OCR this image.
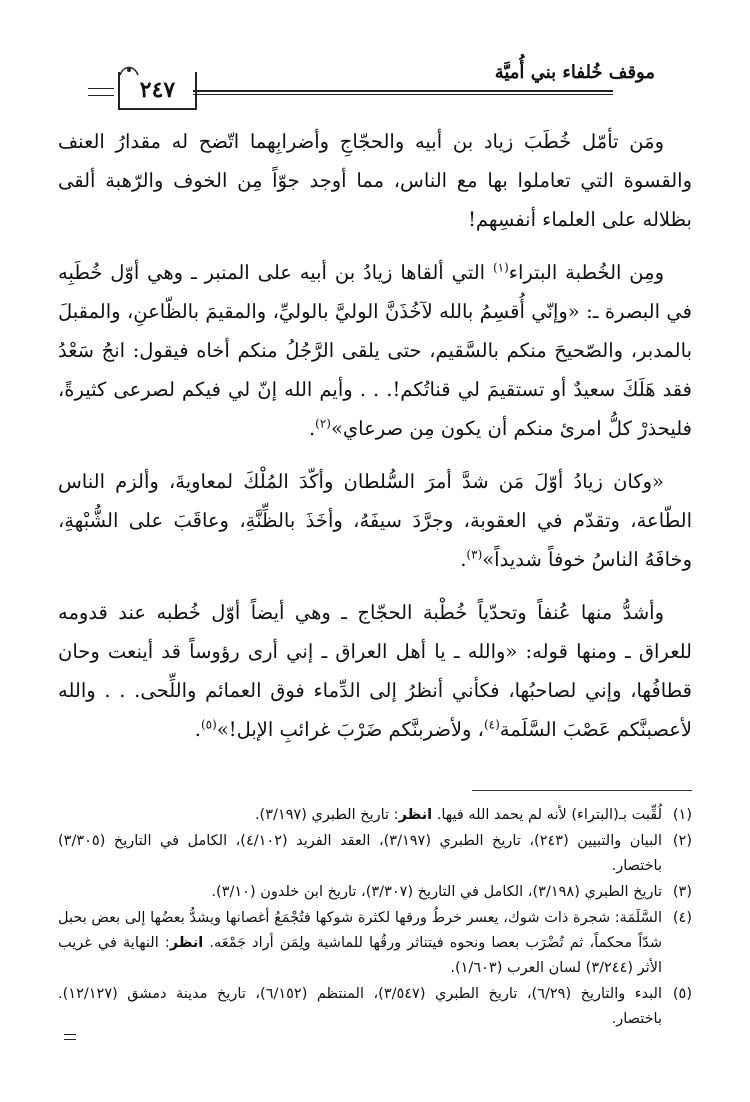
موقف خُلفاء بني أُميَّة
٢٤٧

ومَن تأمّل خُطَبَ زياد بن أبيه والحجّاجِ وأضرابِهما اتّضح له مقدارُ العنف والقسوة التي تعاملوا بها مع الناس، مما أوجد جوّاً مِن الخوف والرّهبة ألقى بظلاله على العلماء أنفسِهم!

ومِن الخُطبة البتراء$^{(١)}$ التي ألقاها زيادُ بن أبيه على المنبر ـ وهي أوّل خُطَبِه في البصرة ـ: «وإنّي أُقسِمُ بالله لآخُذَنَّ الوليَّ بالوليِّ، والمقيمَ بالظّاعنِ، والمقبلَ بالمدبر، والصّحيحَ منكم بالسَّقيم، حتى يلقى الرَّجُلُ منكم أخاه فيقول: انجُ سَعْدُ فقد هَلَكَ سعيدٌ أو تستقيمَ لي قناتُكم!. . . وأيم الله إنّ لي فيكم لصرعى كثيرةً، فليحذرْ كلُّ امرئ منكم أن يكون مِن صرعاي»$^{(٢)}$.

«وكان زيادُ أوّلَ مَن شدَّ أمرَ السُّلطان وأكّدَ المُلْكَ لمعاويةَ، وألزم الناس الطّاعة، وتقدّم في العقوبة، وجرَّدَ سيفَهُ، وأخَذَ بالظِّنَّةِ، وعاقَبَ على الشُّبْهةِ، وخافَهُ الناسُ خوفاً شديداً»$^{(٣)}$.

وأشدُّ منها عُنفاً وتحدّياً خُطْبة الحجّاج ـ وهي أيضاً أوّل خُطبه عند قدومه للعراق ـ ومنها قوله: «والله ـ يا أهل العراق ـ إني أرى رؤوساً قد أينعت وحان قطافُها، وإني لصاحبُها، فكأني أنظرُ إلى الدِّماء فوق العمائم واللِّحى. . . والله لأعصبنَّكم عَصْبَ السَّلَمة$^{(٤)}$، ولأضربنَّكم ضَرْبَ غرائبِ الإبل!»$^{(٥)}$.

(١)
لُقِّبت بـ(البتراء) لأنه لم يحمد الله فيها. انظر: تاريخ الطبري (٣/١٩٧).
(٢)
البيان والتبيين (٢٤٣)، تاريخ الطبري (٣/١٩٧)، العقد الفريد (٤/١٠٢)، الكامل في التاريخ (٣/٣٠٥) باختصار.
(٣)
تاريخ الطبري (٣/١٩٨)، الكامل في التاريخ (٣/٣٠٧)، تاريخ ابن خلدون (٣/١٠).
(٤)
السَّلَمَة: شجرة ذات شوك، يعسر خرطُ ورقها لكثرة شوكها فتُجْمَعُ أغصانها ويشدُّ بعضُها إلى بعض بحبل شدّاً محكماً، ثم تُضْرَب بعصا ونحوه فيتناثر ورقُها للماشية ولِمَن أراد جَمْعَه. انظر: النهاية في غريب الأثر (٣/٢٤٤) لسان العرب (١/٦٠٣).
(٥)
البدء والتاريخ (٦/٢٩)، تاريخ الطبري (٣/٥٤٧)، المنتظم (٦/١٥٢)، تاريخ مدينة دمشق (١٢/١٢٧). باختصار.
